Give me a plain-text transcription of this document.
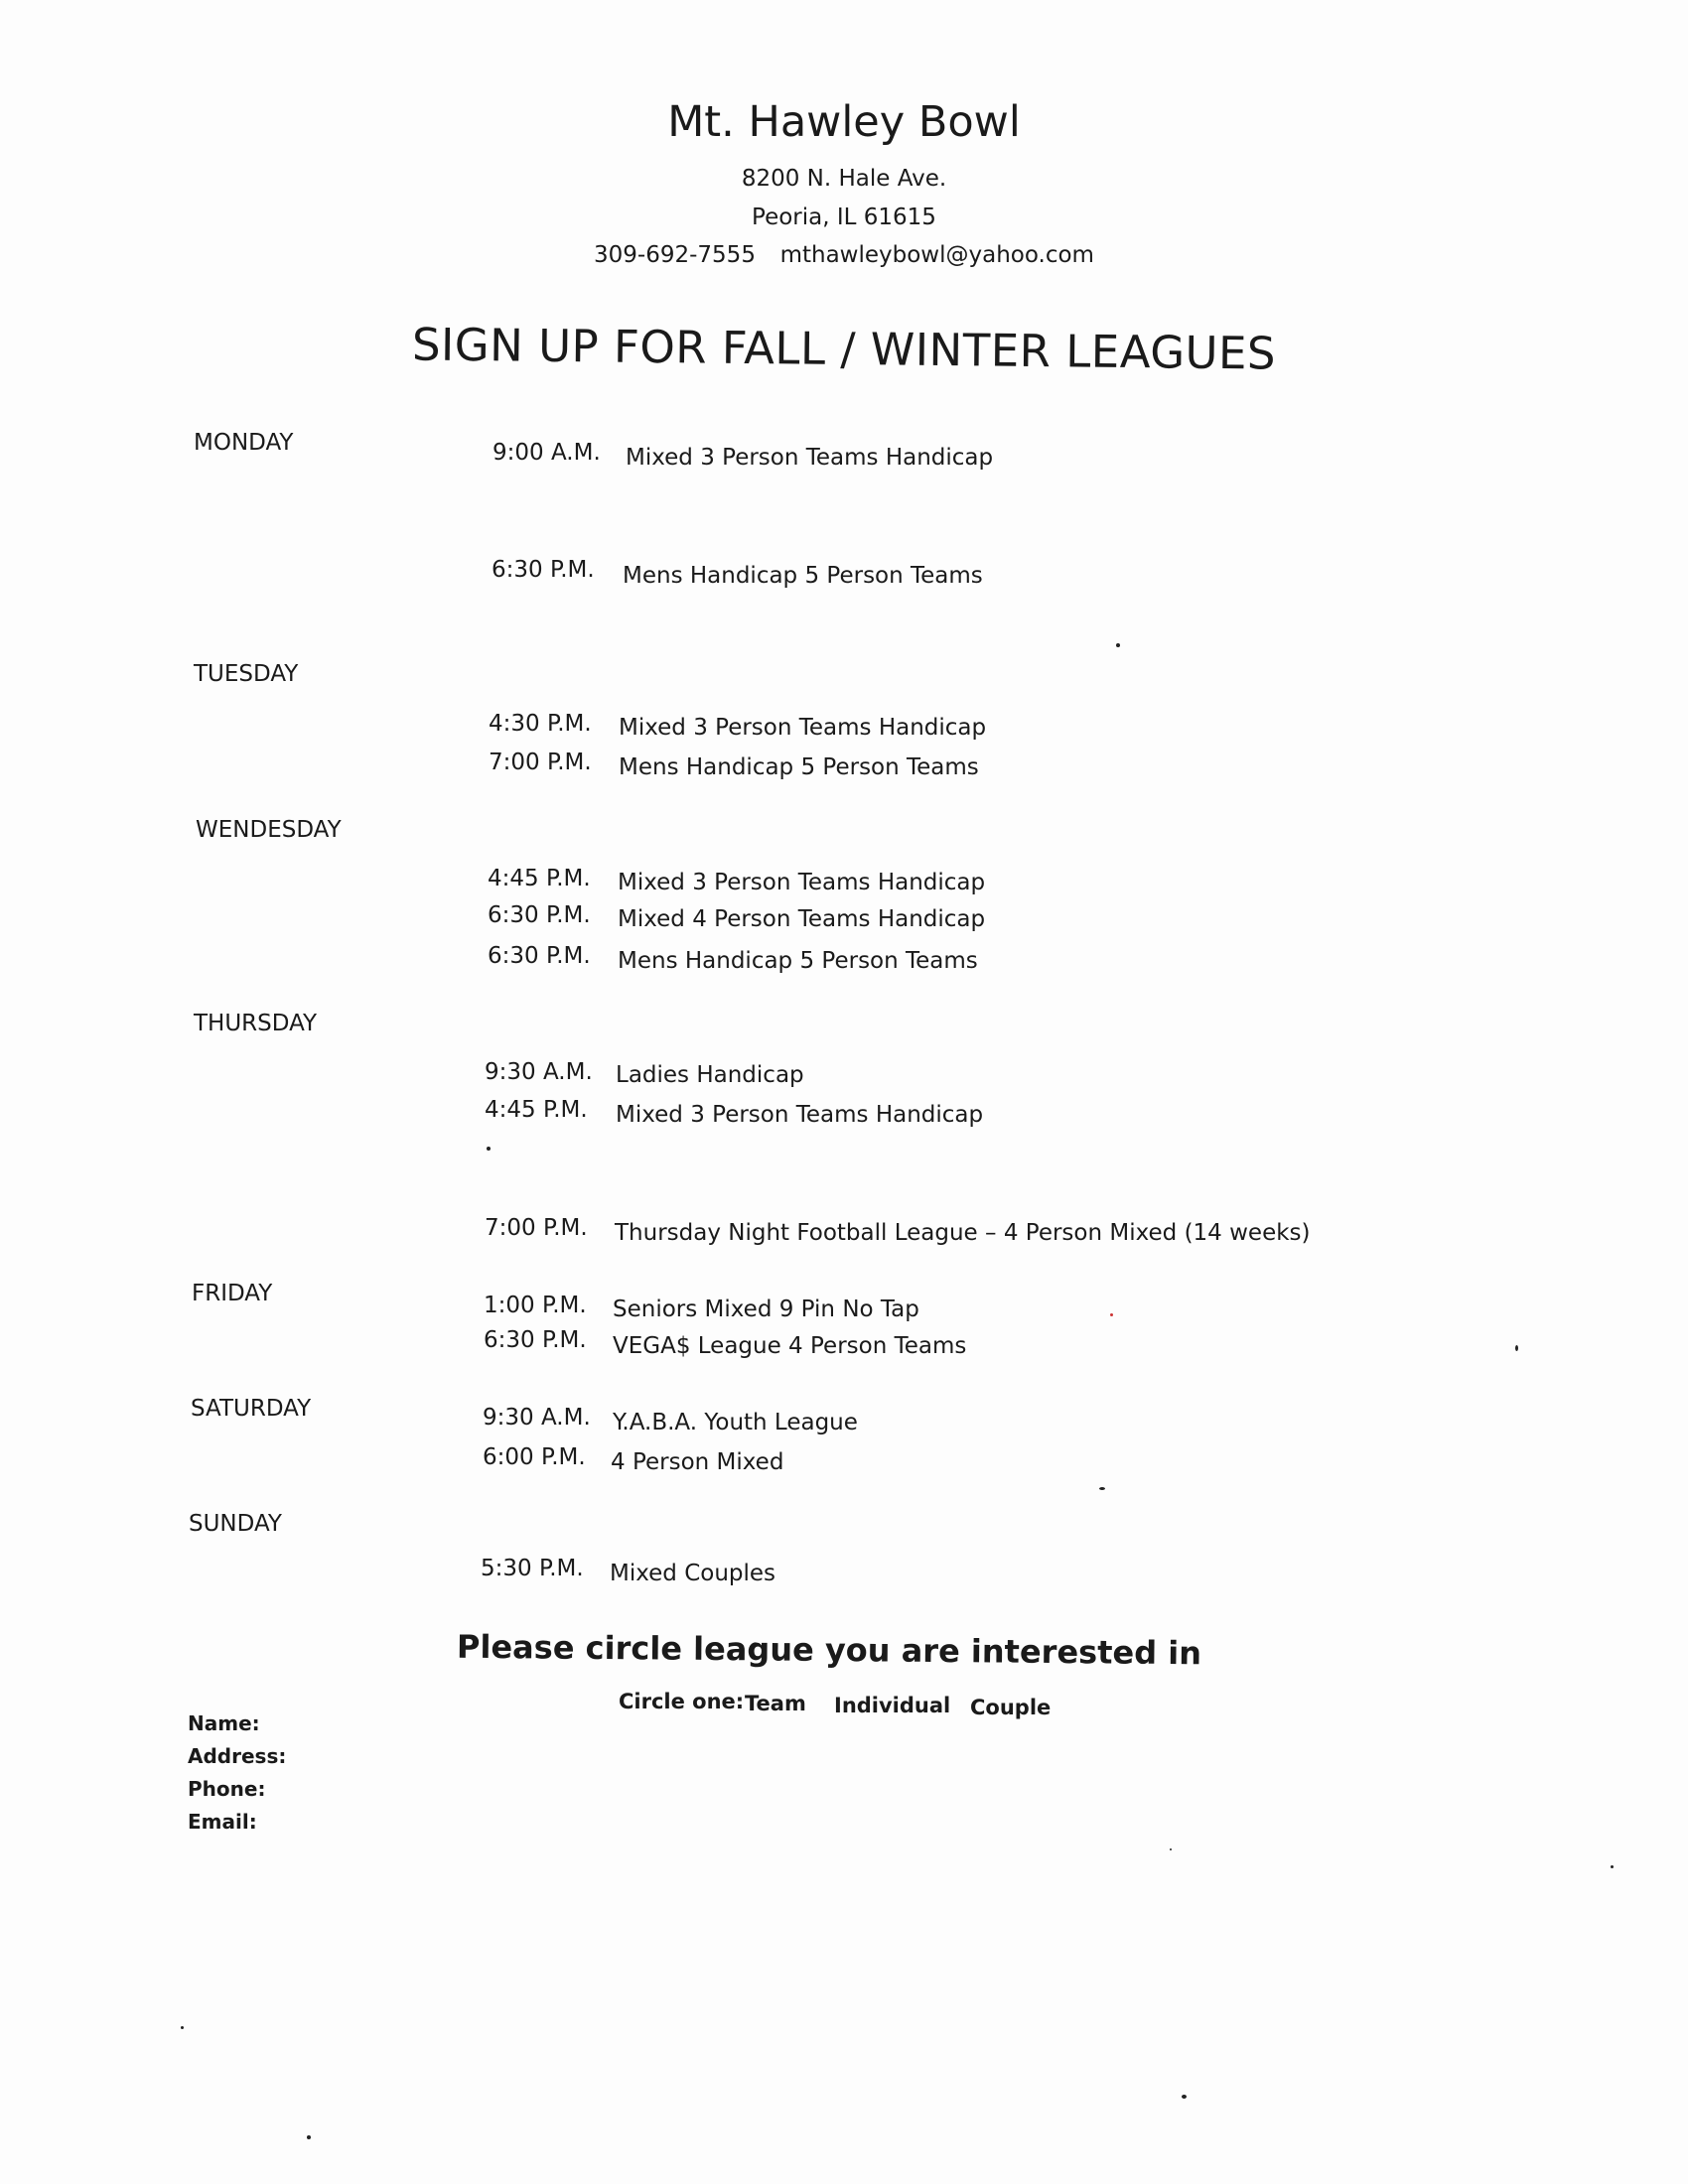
Mt. Hawley Bowl
8200 N. Hale Ave.
Peoria, IL 61615
309-692-7555 mthawleybowl@yahoo.com
SIGN UP FOR FALL / WINTER LEAGUES
MONDAY	9:00 A.M. Mixed 3 Person Teams Handicap
6:30 P.M. Mens Handicap 5 Person Teams
TUESDAY
4:30 P.M. Mixed 3 Person Teams Handicap
7:00 P.M. Mens Handicap 5 Person Teams
WENDESDAY
4:45 P.M. Mixed 3 Person Teams Handicap
6:30 P.M. Mixed 4 Person Teams Handicap
6:30 P.M. Mens Handicap 5 Person Teams
THURSDAY
9:30 A.M. Ladies Handicap
4:45 P.M. Mixed 3 Person Teams Handicap
7:00 P.M. Thursday Night Football League – 4 Person Mixed (14 weeks)
FRIDAY	1:00 P.M. Seniors Mixed 9 Pin No Tap
6:30 P.M. VEGA$ League 4 Person Teams
SATURDAY	9:30 A.M. Y.A.B.A. Youth League
6:00 P.M. 4 Person Mixed
SUNDAY
5:30 P.M. Mixed Couples
Please circle league you are interested in
Circle one: Team Individual Couple
Name:
Address:
Phone:
Email:
